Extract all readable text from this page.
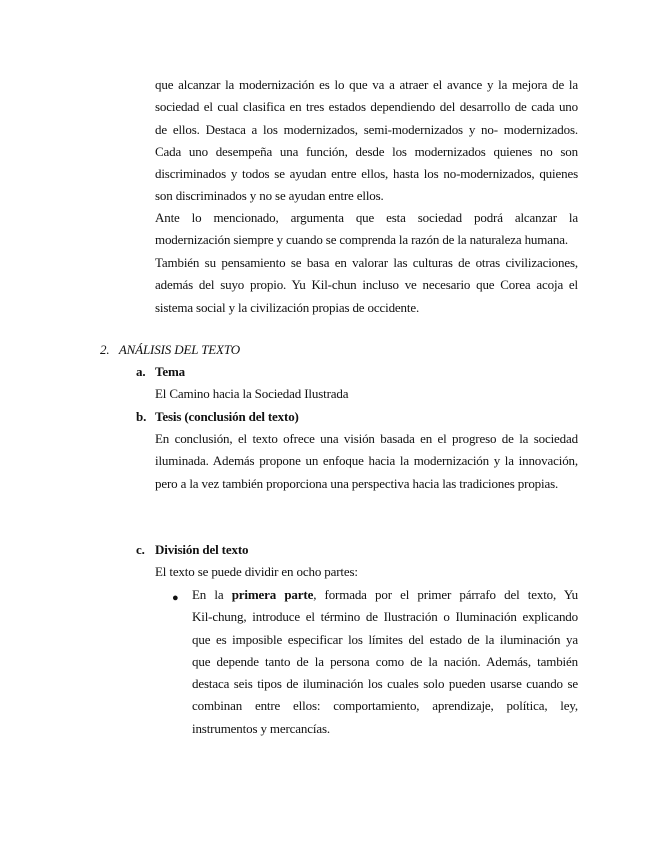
que alcanzar la modernización es lo que va a atraer el avance y la mejora de la
sociedad el cual clasifica en tres estados dependiendo del desarrollo de cada uno
de ellos. Destaca a los modernizados, semi-modernizados y no- modernizados.
Cada uno desempeña una función, desde los modernizados quienes no son
discriminados y todos se ayudan entre ellos, hasta los no-modernizados, quienes
son discriminados y no se ayudan entre ellos.
Ante lo mencionado, argumenta que esta sociedad podrá alcanzar la
modernización siempre y cuando se comprenda la razón de la naturaleza humana.
También su pensamiento se basa en valorar las culturas de otras civilizaciones,
además del suyo propio. Yu Kil-chun incluso ve necesario que Corea acoja el
sistema social y la civilización propias de occidente.
2. ANÁLISIS DEL TEXTO
a. Tema
El Camino hacia la Sociedad Ilustrada
b. Tesis (conclusión del texto)
En conclusión, el texto ofrece una visión basada en el progreso de la sociedad
iluminada. Además propone un enfoque hacia la modernización y la innovación,
pero a la vez también proporciona una perspectiva hacia las tradiciones propias.
c. División del texto
El texto se puede dividir en ocho partes:
● En la primera parte, formada por el primer párrafo del texto, Yu
Kil-chung, introduce el término de Ilustración o Iluminación explicando
que es imposible especificar los límites del estado de la iluminación ya
que depende tanto de la persona como de la nación. Además, también
destaca seis tipos de iluminación los cuales solo pueden usarse cuando se
combinan entre ellos: comportamiento, aprendizaje, política, ley,
instrumentos y mercancías.
